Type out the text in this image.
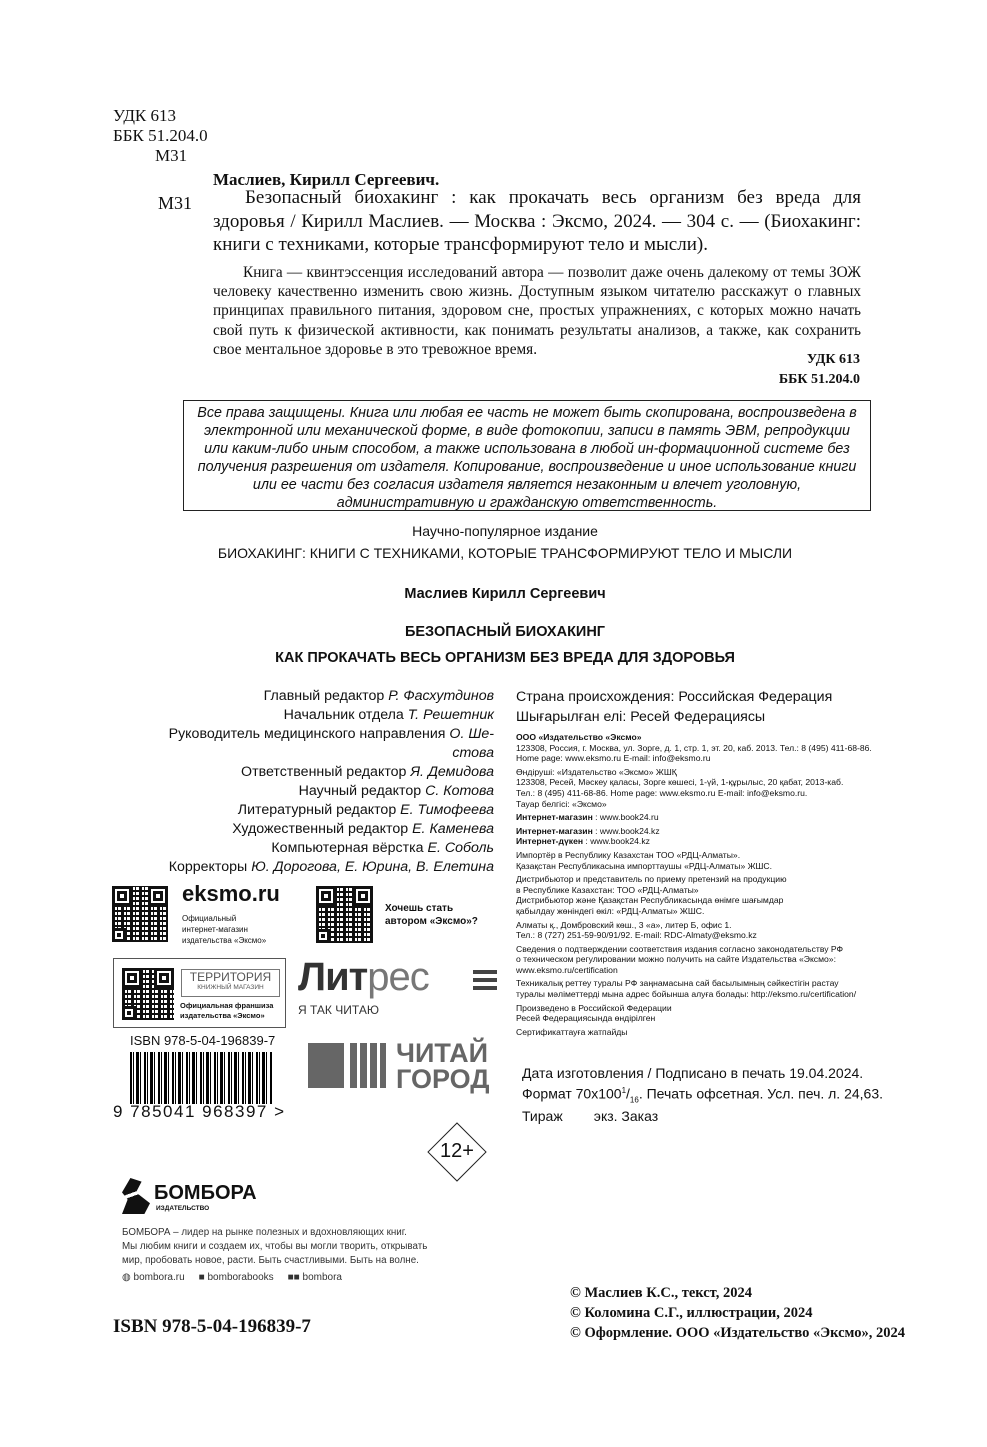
УДК 613
ББК 51.204.0
М31
Маслиев, Кирилл Сергеевич.
М31	Безопасный биохакинг : как прокачать весь организм без вреда для здоровья / Кирилл Маслиев. — Москва : Эксмо, 2024. — 304 с. — (Биохакинг: книги с техниками, которые трансформируют тело и мысли).
Книга — квинтэссенция исследований автора — позволит даже очень далекому от темы ЗОЖ человеку качественно изменить свою жизнь. Доступным языком читателю расскажут о главных принципах правильного питания, здоровом сне, простых упражнениях, с которых можно начать свой путь к физической активности, как понимать результаты анализов, а также, как сохранить свое ментальное здоровье в это тревожное время.
УДК 613
ББК 51.204.0
Все права защищены. Книга или любая ее часть не может быть скопирована, воспроизведена в электронной или механической форме, в виде фотокопии, записи в память ЭВМ, репродукции или каким-либо иным способом, а также использована в любой ин-формационной системе без получения разрешения от издателя. Копирование, воспроизведение и иное использование книги или ее части без согласия издателя является незаконным и влечет уголовную, административную и гражданскую ответственность.
Научно-популярное издание
БИОХАКИНГ: КНИГИ С ТЕХНИКАМИ, КОТОРЫЕ ТРАНСФОРМИРУЮТ ТЕЛО И МЫСЛИ
Маслиев Кирилл Сергеевич
БЕЗОПАСНЫЙ БИОХАКИНГ
КАК ПРОКАЧАТЬ ВЕСЬ ОРГАНИЗМ БЕЗ ВРЕДА ДЛЯ ЗДОРОВЬЯ
Главный редактор Р. Фасхутдинов
Начальник отдела Т. Решетник
Руководитель медицинского направления О. Ше-
стова
Ответственный редактор Я. Демидова
Научный редактор С. Котова
Литературный редактор Е. Тимофеева
Художественный редактор Е. Каменева
Компьютерная вёрстка Е. Соболь
Корректоры Ю. Дорогова, Е. Юрина, В. Елетина
Страна происхождения: Российская Федерация
Шығарылған елі: Ресей Федерациясы

ООО «Издательство «Эксмо»
123308, Россия, г. Москва, ул. Зорге, д. 1, стр. 1, эт. 20, каб. 2013. Тел.: 8 (495) 411-68-86.
Home page: www.eksmo.ru E-mail: info@eksmo.ru

Өндіруші: «Издательство «Эксмо» ЖШҚ
123308, Ресей, Мәскеу қаласы, Зорге көшесі, 1-үй, 1-құрылыс, 20 қабат, 2013-каб.
Тел.: 8 (495) 411-68-86. Home page: www.eksmo.ru E-mail: info@eksmo.ru.
Тауар белгісі: «Эксмо»

Интернет-магазин : www.book24.ru

Интернет-магазин : www.book24.kz
Интернет-дүкен : www.book24.kz

Импортёр в Республику Казахстан ТОО «РДЦ-Алматы».
Қазақстан Республикасына импорттаушы «РДЦ-Алматы» ЖШС.

Дистрибьютор и представитель по приему претензий на продукцию
в Республике Казахстан: ТОО «РДЦ-Алматы»
Дистрибьютор және Қазақстан Республикасында өнімге шағымдар
қабылдау жөніндегі өкіл: «РДЦ-Алматы» ЖШС.

Алматы қ., Домбровский көш., 3 «а», литер Б, офис 1.
Тел.: 8 (727) 251-59-90/91/92. E-mail: RDC-Almaty@eksmo.kz

Сведения о подтверждении соответствия издания согласно законодательству РФ
о техническом регулировании можно получить на сайте Издательства «Эксмо»:
www.eksmo.ru/certification

Техникалық реттеу туралы РФ заңнамасына сай басылымның сәйкестігін растау
туралы мәліметтерді мына адрес бойынша алуға болады: http://eksmo.ru/certification/

Произведено в Российской Федерации
Ресей Федерациясында өндірілген

Сертификаттауға жатпайды

Дата изготовления / Подписано в печать 19.04.2024.
Формат $70x100^1/_{16}$. Печать офсетная. Усл. печ. л. 24,63.
Тираж        экз. Заказ
eksmo.ru
Официальный
интернет-магазин
издательства «Эксмо»
Хочешь стать
автором «Эксмо»?
ТЕРРИТОРИЯ
КНИЖНЫЙ МАГАЗИН
Официальная франшиза
издательства «Эксмо»
Литрес
Я ТАК ЧИТАЮ
ЧИТАЙ
ГОРОД
ISBN 978-5-04-196839-7
9 785041 968397 >
12+
БОМБОРА
ИЗДАТЕЛЬСТВО
БОМБОРА – лидер на рынке полезных и вдохновляющих книг.
Мы любим книги и создаем их, чтобы вы могли творить, открывать
мир, пробовать новое, расти. Быть счастливыми. Быть на волне.
◍ bombora.ru ■ bomborabooks ■■ bombora
ISBN 978-5-04-196839-7
© Маслиев К.С., текст, 2024
© Коломина С.Г., иллюстрации, 2024
© Оформление. ООО «Издательство «Эксмо», 2024
